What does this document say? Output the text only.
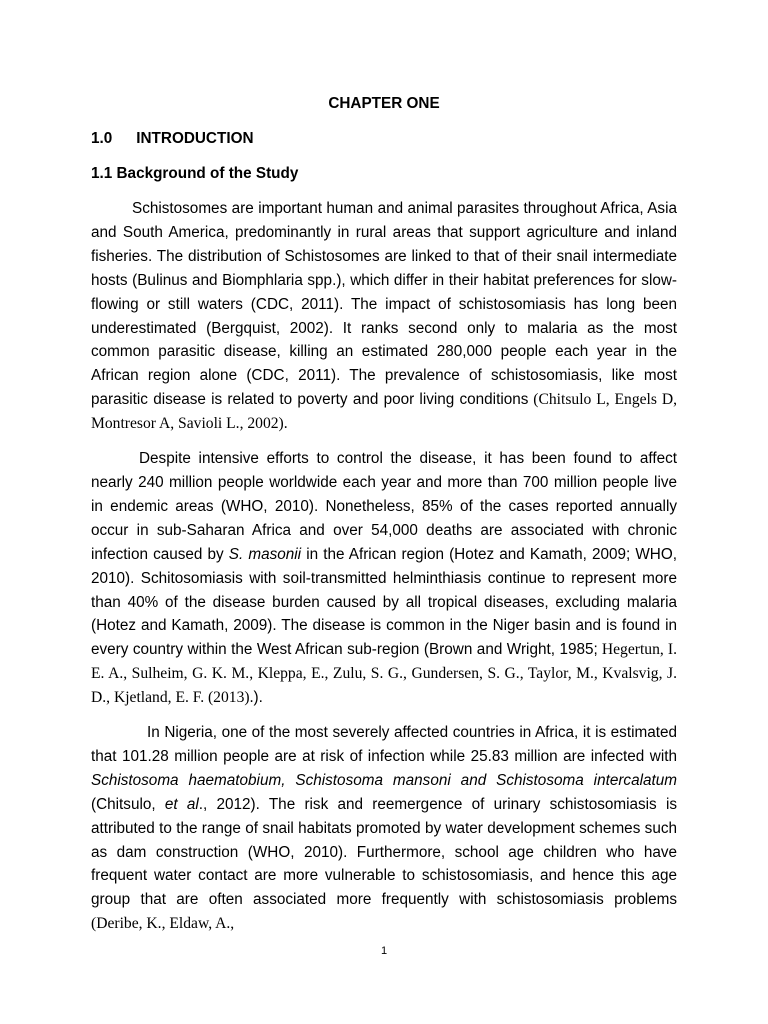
CHAPTER ONE
1.0 INTRODUCTION
1.1 Background of the Study

Schistosomes are important human and animal parasites throughout Africa, Asia and South America, predominantly in rural areas that support agriculture and inland fisheries. The distribution of Schistosomes are linked to that of their snail intermediate hosts (Bulinus and Biomphlaria spp.), which differ in their habitat preferences for slow-flowing or still waters (CDC, 2011). The impact of schistosomiasis has long been underestimated (Bergquist, 2002). It ranks second only to malaria as the most common parasitic disease, killing an estimated 280,000 people each year in the African region alone (CDC, 2011). The prevalence of schistosomiasis, like most parasitic disease is related to poverty and poor living conditions (Chitsulo L, Engels D, Montresor A, Savioli L., 2002).

Despite intensive efforts to control the disease, it has been found to affect nearly 240 million people worldwide each year and more than 700 million people live in endemic areas (WHO, 2010). Nonetheless, 85% of the cases reported annually occur in sub-Saharan Africa and over 54,000 deaths are associated with chronic infection caused by S. masonii in the African region (Hotez and Kamath, 2009; WHO, 2010). Schitosomiasis with soil-transmitted helminthiasis continue to represent more than 40% of the disease burden caused by all tropical diseases, excluding malaria (Hotez and Kamath, 2009). The disease is common in the Niger basin and is found in every country within the West African sub-region (Brown and Wright, 1985; Hegertun, I. E. A., Sulheim, G. K. M., Kleppa, E., Zulu, S. G., Gundersen, S. G., Taylor, M., Kvalsvig, J. D., Kjetland, E. F. (2013).).

In Nigeria, one of the most severely affected countries in Africa, it is estimated that 101.28 million people are at risk of infection while 25.83 million are infected with Schistosoma haematobium, Schistosoma mansoni and Schistosoma intercalatum (Chitsulo, et al., 2012). The risk and reemergence of urinary schistosomiasis is attributed to the range of snail habitats promoted by water development schemes such as dam construction (WHO, 2010). Furthermore, school age children who have frequent water contact are more vulnerable to schistosomiasis, and hence this age group that are often associated more frequently with schistosomiasis problems (Deribe, K., Eldaw, A.,

1
